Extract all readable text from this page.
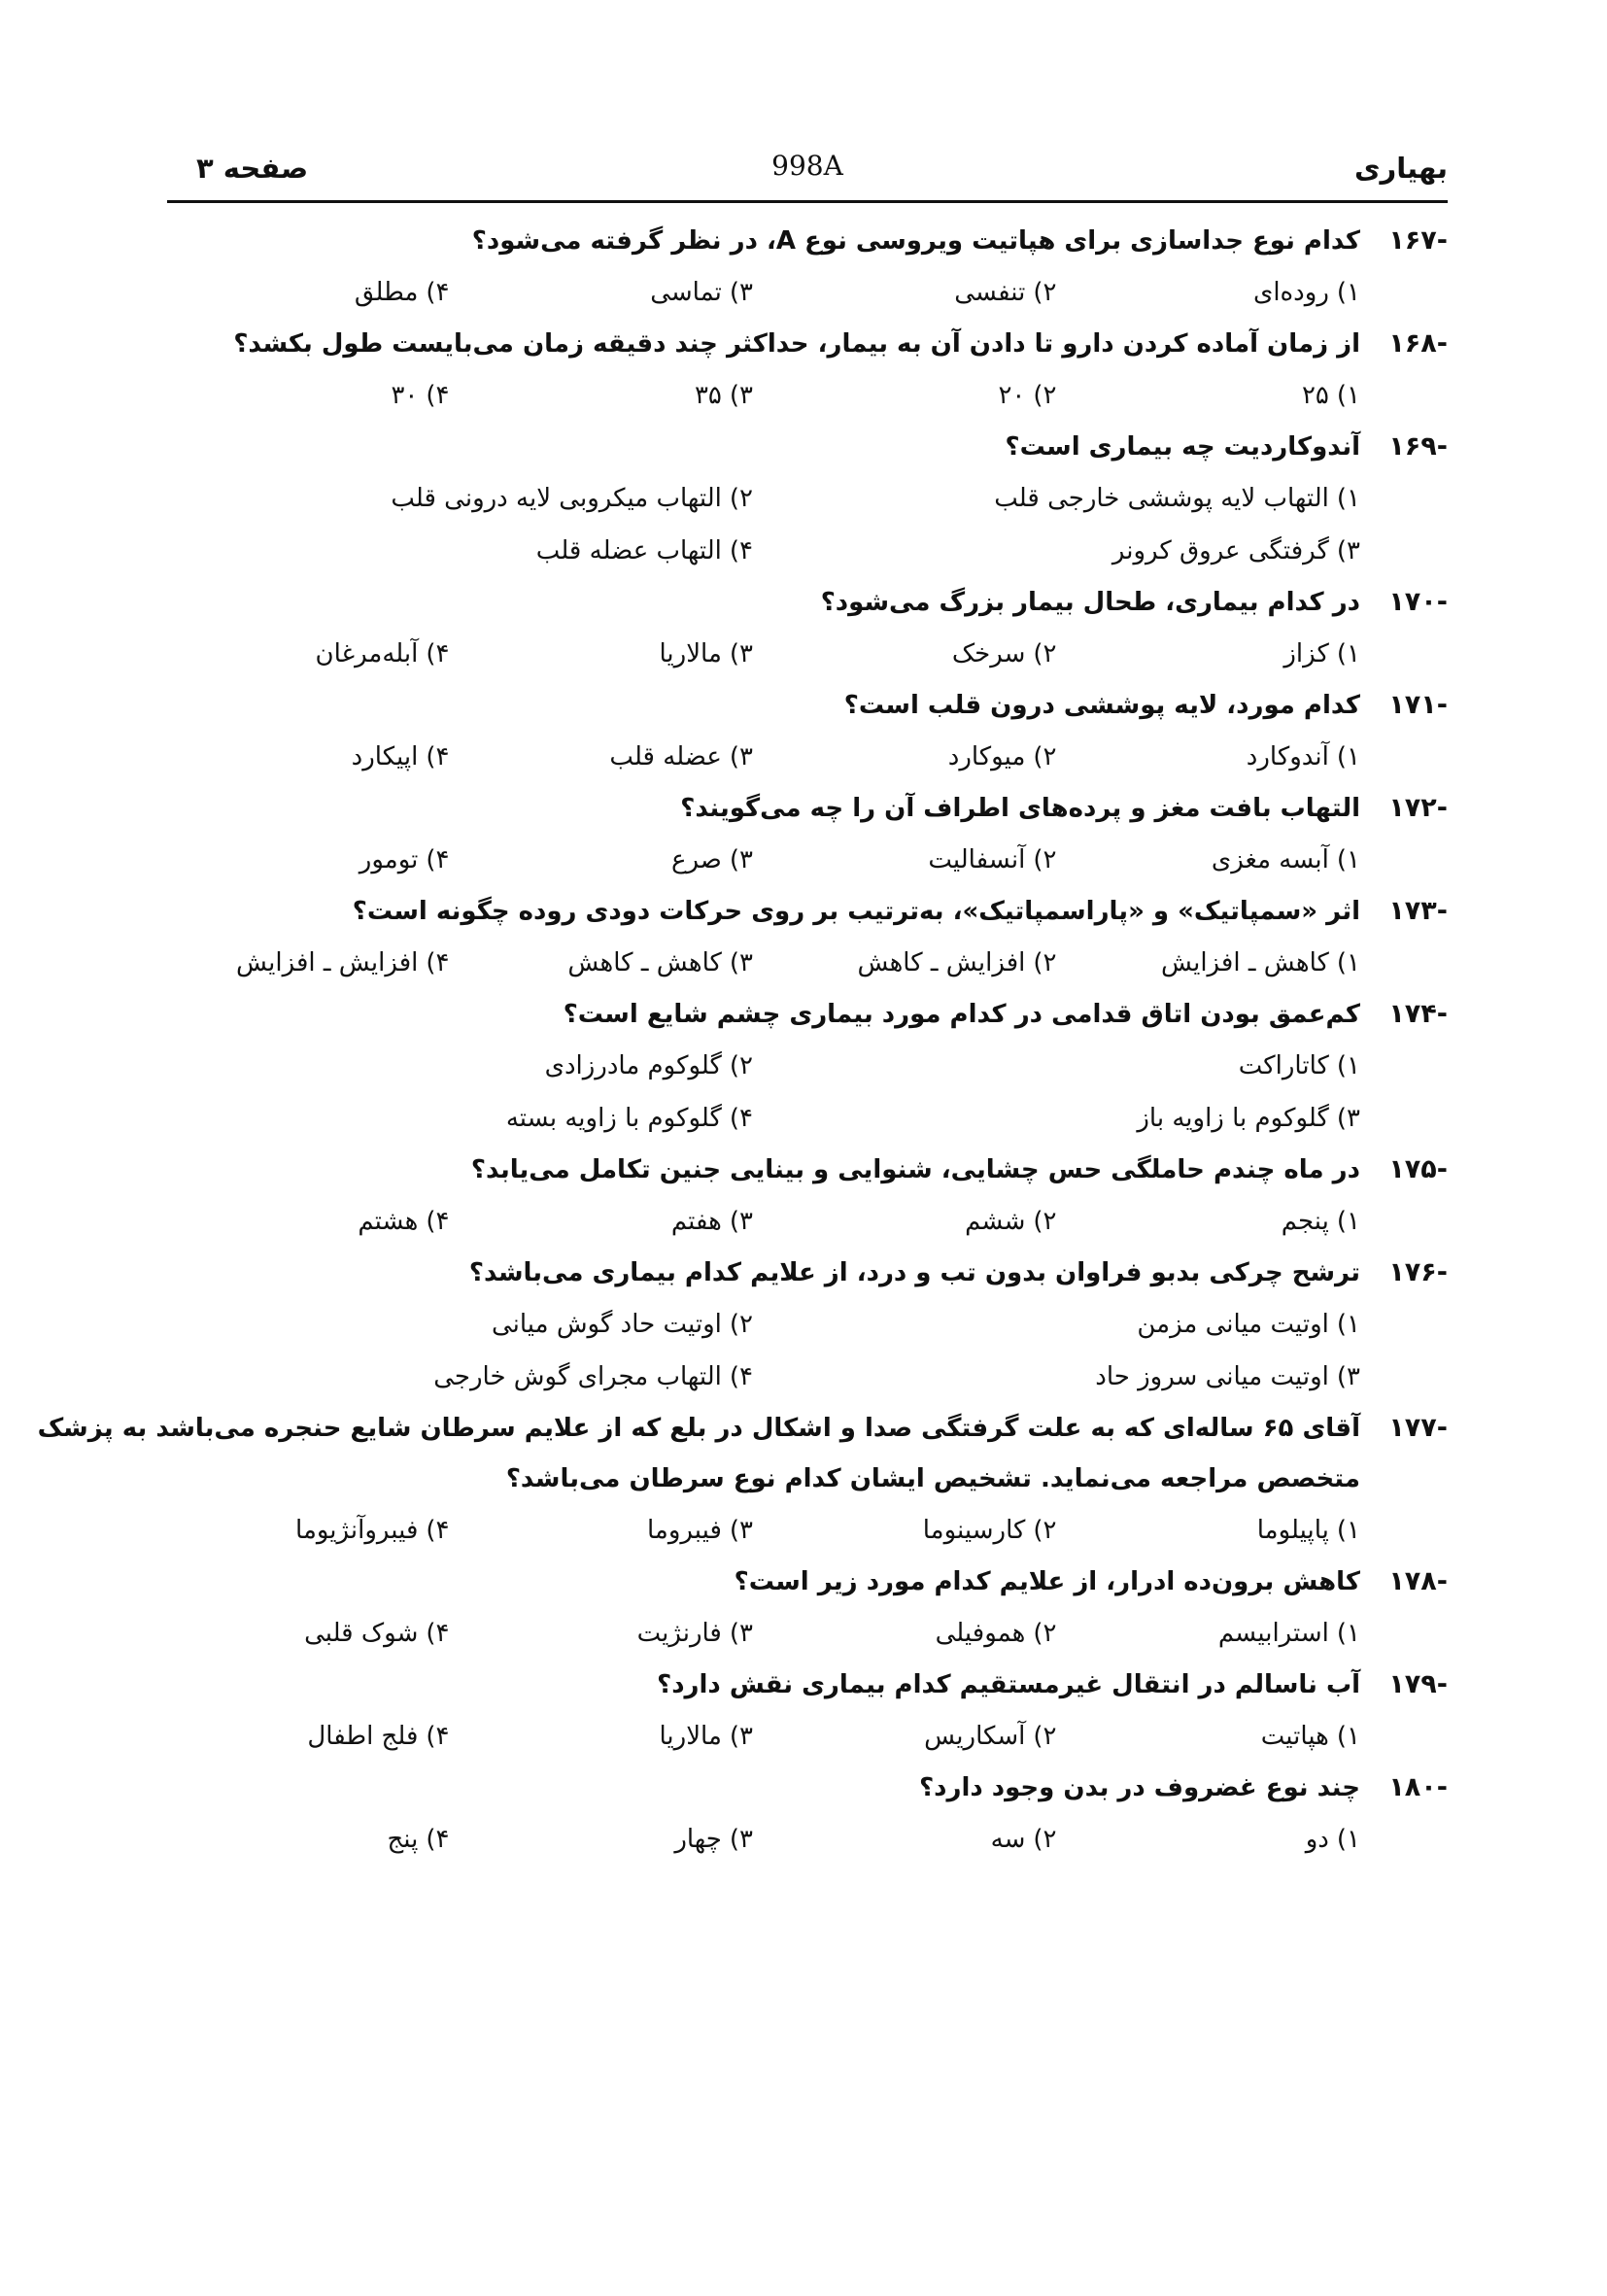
بهیاری
998A
صفحه ۳
-۱۶۷
کدام نوع جداسازی برای هپاتیت ویروسی نوع A، در نظر گرفته می‌شود؟
۱)روده‌ای
۲)تنفسی
۳)تماسی
۴)مطلق
-۱۶۸
از زمان آماده کردن دارو تا دادن آن به بیمار، حداکثر چند دقیقه زمان می‌بایست طول بکشد؟
۱)۲۵
۲)۲۰
۳)۳۵
۴)۳۰
-۱۶۹
آندوکاردیت چه بیماری است؟
۱)التهاب لایه پوششی خارجی قلب
۲)التهاب میکروبی لایه درونی قلب
۳)گرفتگی عروق کرونر
۴)التهاب عضله قلب
-۱۷۰
در کدام بیماری، طحال بیمار بزرگ می‌شود؟
۱)کزاز
۲)سرخک
۳)مالاریا
۴)آبله‌مرغان
-۱۷۱
کدام مورد، لایه پوششی درون قلب است؟
۱)آندوکارد
۲)میوکارد
۳)عضله قلب
۴)اپیکارد
-۱۷۲
التهاب بافت مغز و پرده‌های اطراف آن را چه می‌گویند؟
۱)آبسه مغزی
۲)آنسفالیت
۳)صرع
۴)تومور
-۱۷۳
اثر «سمپاتیک» و «پاراسمپاتیک»، به‌ترتیب بر روی حرکات دودی روده چگونه است؟
۱)کاهش ـ افزایش
۲)افزایش ـ کاهش
۳)کاهش ـ کاهش
۴)افزایش ـ افزایش
-۱۷۴
کم‌عمق بودن اتاق قدامی در کدام مورد بیماری چشم شایع است؟
۱)کاتاراکت
۲)گلوکوم مادرزادی
۳)گلوکوم با زاویه باز
۴)گلوکوم با زاویه بسته
-۱۷۵
در ماه چندم حاملگی حس چشایی، شنوایی و بینایی جنین تکامل می‌یابد؟
۱)پنجم
۲)ششم
۳)هفتم
۴)هشتم
-۱۷۶
ترشح چرکی بدبو فراوان بدون تب و درد، از علایم کدام بیماری می‌باشد؟
۱)اوتیت میانی مزمن
۲)اوتیت حاد گوش میانی
۳)اوتیت میانی سروز حاد
۴)التهاب مجرای گوش خارجی
-۱۷۷
آقای ۶۵ ساله‌ای که به علت گرفتگی صدا و اشکال در بلع که از علایم سرطان شایع حنجره می‌باشد به پزشک
متخصص مراجعه می‌نماید. تشخیص ایشان کدام نوع سرطان می‌باشد؟
۱)پاپیلوما
۲)کارسینوما
۳)فیبروما
۴)فیبروآنژیوما
-۱۷۸
کاهش برون‌ده ادرار، از علایم کدام مورد زیر است؟
۱)استرابیسم
۲)هموفیلی
۳)فارنژیت
۴)شوک قلبی
-۱۷۹
آب ناسالم در انتقال غیرمستقیم کدام بیماری نقش دارد؟
۱)هپاتیت
۲)آسکاریس
۳)مالاریا
۴)فلج اطفال
-۱۸۰
چند نوع غضروف در بدن وجود دارد؟
۱)دو
۲)سه
۳)چهار
۴)پنج
